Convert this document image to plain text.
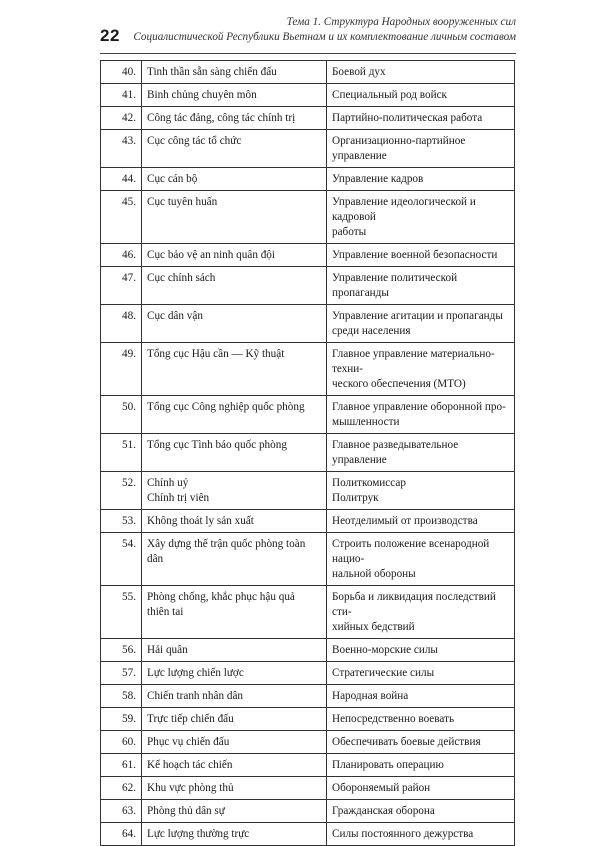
22
Тема 1. Структура Народных вооруженных сил
Социалистической Республики Вьетнам и их комплектование личным составом
40.	Tinh thần sẵn sàng chiến đấu	Боевой дух

41.	Binh chủng chuyên môn	Специальный род войск

42.	Công tác đảng, công tác chính trị	Партийно-политическая работа

43.	Cục công tác tổ chức	Организационно-партийное управление

44.	Cục cán bộ	Управление кадров

45.	Cục tuyên huấn	Управление идеологической и кадровой
работы

46.	Cục bảo vệ an ninh quân đội	Управление военной безопасности

47.	Cục chính sách	Управление политической пропаганды

48.	Cục dân vận	Управление агитации и пропаганды
среди населения

49.	Tổng cục Hậu cần — Kỹ thuật	Главное управление материально-техни-
ческого обеспечения (МТО)

50.	Tổng cục Công nghiệp quốc phòng	Главное управление оборонной про-
мышленности

51.	Tổng cục Tình báo quốc phòng	Главное разведывательное управление

52.	Chính uỷ
Chính trị viên	Политкомиссар
Политрук

53.	Không thoát ly sản xuất	Неотделимый от производства

54.	Xây dựng thế trận quốc phòng toàn
dân	Строить положение всенародной нацио-
нальной обороны

55.	Phòng chống, khắc phục hậu quả
thiên tai	Борьба и ликвидация последствий сти-
хийных бедствий

56.	Hải quân	Военно-морские силы

57.	Lực lượng chiến lược	Стратегические силы

58.	Chiến tranh nhân dân	Народная война

59.	Trực tiếp chiến đấu	Непосредственно воевать

60.	Phục vụ chiến đấu	Обеспечивать боевые действия

61.	Kế hoạch tác chiến	Планировать операцию

62.	Khu vực phòng thủ	Обороняемый район

63.	Phòng thủ dân sự	Гражданская оборона

64.	Lực lượng thường trực	Силы постоянного дежурства
